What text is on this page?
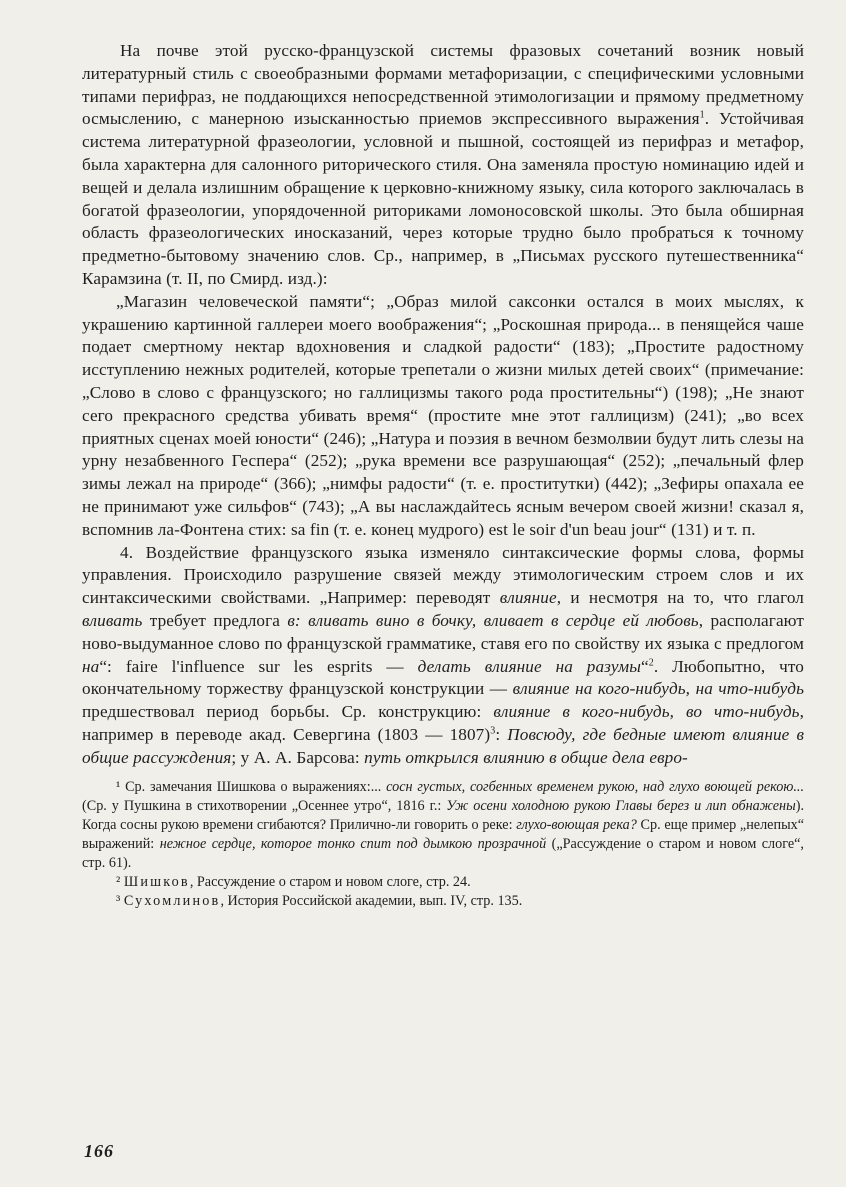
На почве этой русско-французской системы фразовых сочетаний возник новый литературный стиль с своеобразными формами метафоризации, с специфическими условными типами перифраз, не поддающихся непосредственной этимологизации и прямому предметному осмыслению, с манерною изысканностью приемов экспрессивного выражения$^1$. Устойчивая система литературной фразеологии, условной и пышной, состоящей из перифраз и метафор, была характерна для салонного риторического стиля. Она заменяла простую номинацию идей и вещей и делала излишним обращение к церковно-книжному языку, сила которого заключалась в богатой фразеологии, упорядоченной риториками ломоносовской школы. Это была обширная область фразеологических иносказаний, через которые трудно было пробраться к точному предметно-бытовому значению слов. Ср., например, в „Письмах русского путешественника“ Карамзина (т. II, по Смирд. изд.):

„Магазин человеческой памяти“; „Образ милой саксонки остался в моих мыслях, к украшению картинной галлереи моего воображения“; „Роскошная природа... в пенящейся чаше подает смертному нектар вдохновения и сладкой радости“ (183); „Простите радостному исступлению нежных родителей, которые трепетали о жизни милых детей своих“ (примечание: „Слово в слово с французского; но галлицизмы такого рода простительны“) (198); „Не знают сего прекрасного средства убивать время“ (простите мне этот галлицизм) (241); „во всех приятных сценах моей юности“ (246); „Натура и поэзия в вечном безмолвии будут лить слезы на урну незабвенного Геспера“ (252); „рука времени все разрушающая“ (252); „печальный флер зимы лежал на природе“ (366); „нимфы радости“ (т. е. проститутки) (442); „Зефиры опахала ее не принимают уже сильфов“ (743); „А вы наслаждайтесь ясным вечером своей жизни! сказал я, вспомнив ла-Фонтена стих: sa fin (т. е. конец мудрого) est le soir d'un beau jour“ (131) и т. п.

4. Воздействие французского языка изменяло синтаксические формы слова, формы управления. Происходило разрушение связей между этимологическим строем слов и их синтаксическими свойствами. „Например: переводят влияние, и несмотря на то, что глагол вливать требует предлога в: вливать вино в бочку, вливает в сердце ей любовь, располагают ново-выдуманное слово по французской грамматике, ставя его по свойству их языка с предлогом на“: faire l'influence sur les esprits — делать влияние на разумы“$^2$. Любопытно, что окончательному торжеству французской конструкции — влияние на кого-нибудь, на что-нибудь предшествовал период борьбы. Ср. конструкцию: влияние в кого-нибудь, во что-нибудь, например в переводе акад. Севергина (1803 — 1807)$^3$: Повсюду, где бедные имеют влияние в общие рассуждения; у А. А. Барсова: путь открылся влиянию в общие дела евро-

¹ Ср. замечания Шишкова о выражениях:... сосн густых, согбенных временем рукою, над глухо воющей рекою... (Ср. у Пушкина в стихотворении „Осеннее утро“, 1816 г.: Уж осени холодною рукою Главы берез и лип обнажены). Когда сосны рукою времени сгибаются? Прилично-ли говорить о реке: глухо-воющая река? Ср. еще пример „нелепых“ выражений: нежное сердце, которое тонко спит под дымкою прозрачной („Рассуждение о старом и новом слоге“, стр. 61).

² Шишков, Рассуждение о старом и новом слоге, стр. 24.

³ Сухомлинов, История Российской академии, вып. IV, стр. 135.

166
